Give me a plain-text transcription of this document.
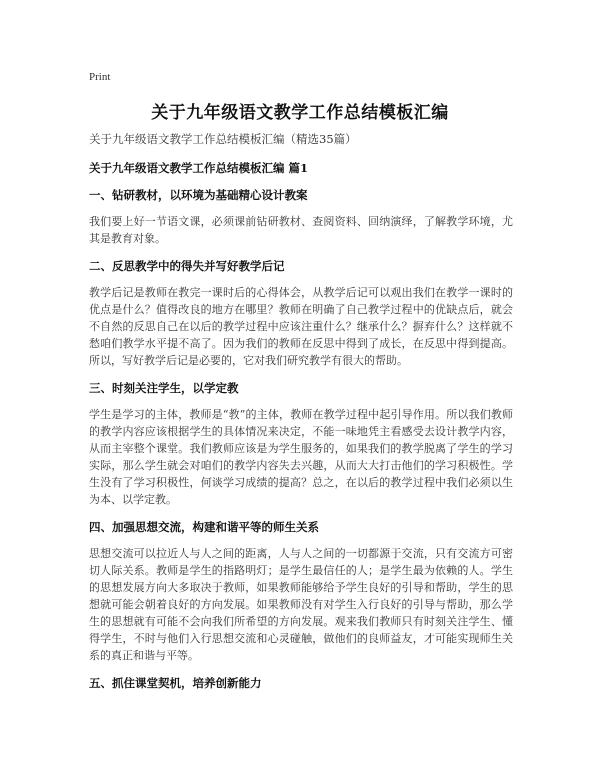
Print
关于九年级语文教学工作总结模板汇编

关于九年级语文教学工作总结模板汇编（精选35篇）

关于九年级语文教学工作总结模板汇编 篇1

一、钻研教材，以环境为基础精心设计教案

我们要上好一节语文课，必须课前钻研教材、查阅资料、回纳演绎，了解教学环境，尤其是教育对象。

二、反思教学中的得失并写好教学后记

教学后记是教师在教完一课时后的心得体会，从教学后记可以观出我们在教学一课时的优点是什么？值得改良的地方在哪里？教师在明确了自己教学过程中的优缺点后，就会不自然的反思自己在以后的教学过程中应该注重什么？继承什么？摒弃什么？这样就不愁咱们教学水平提不高了。因为我们的教师在反思中得到了成长，在反思中得到提高。所以，写好教学后记是必要的，它对我们研究教学有很大的帮助。

三、时刻关注学生，以学定教

学生是学习的主体，教师是“教”的主体，教师在教学过程中起引导作用。所以我们教师的教学内容应该根据学生的具体情况来决定，不能一味地凭主看感受去设计教学内容，从而主宰整个课堂。我们教师应该是为学生服务的，如果我们的教学脱离了学生的学习实际，那么学生就会对咱们的教学内容失去兴趣，从而大大打击他们的学习积极性。学生没有了学习积极性，何谈学习成绩的提高？总之，在以后的教学过程中我们必须以生为本、以学定教。

四、加强思想交流，构建和谐平等的师生关系

思想交流可以拉近人与人之间的距离，人与人之间的一切都源于交流，只有交流方可密切人际关系。教师是学生的指路明灯；是学生最信任的人；是学生最为依赖的人。学生的思想发展方向大多取决于教师，如果教师能够给予学生良好的引导和帮助，学生的思想就可能会朝着良好的方向发展。如果教师没有对学生入行良好的引导与帮助，那么学生的思想就有可能不会向我们所希望的方向发展。观来我们教师只有时刻关注学生、懂得学生，不时与他们入行思想交流和心灵碰触，做他们的良师益友，才可能实现师生关系的真正和谐与平等。

五、抓住课堂契机，培养创新能力
